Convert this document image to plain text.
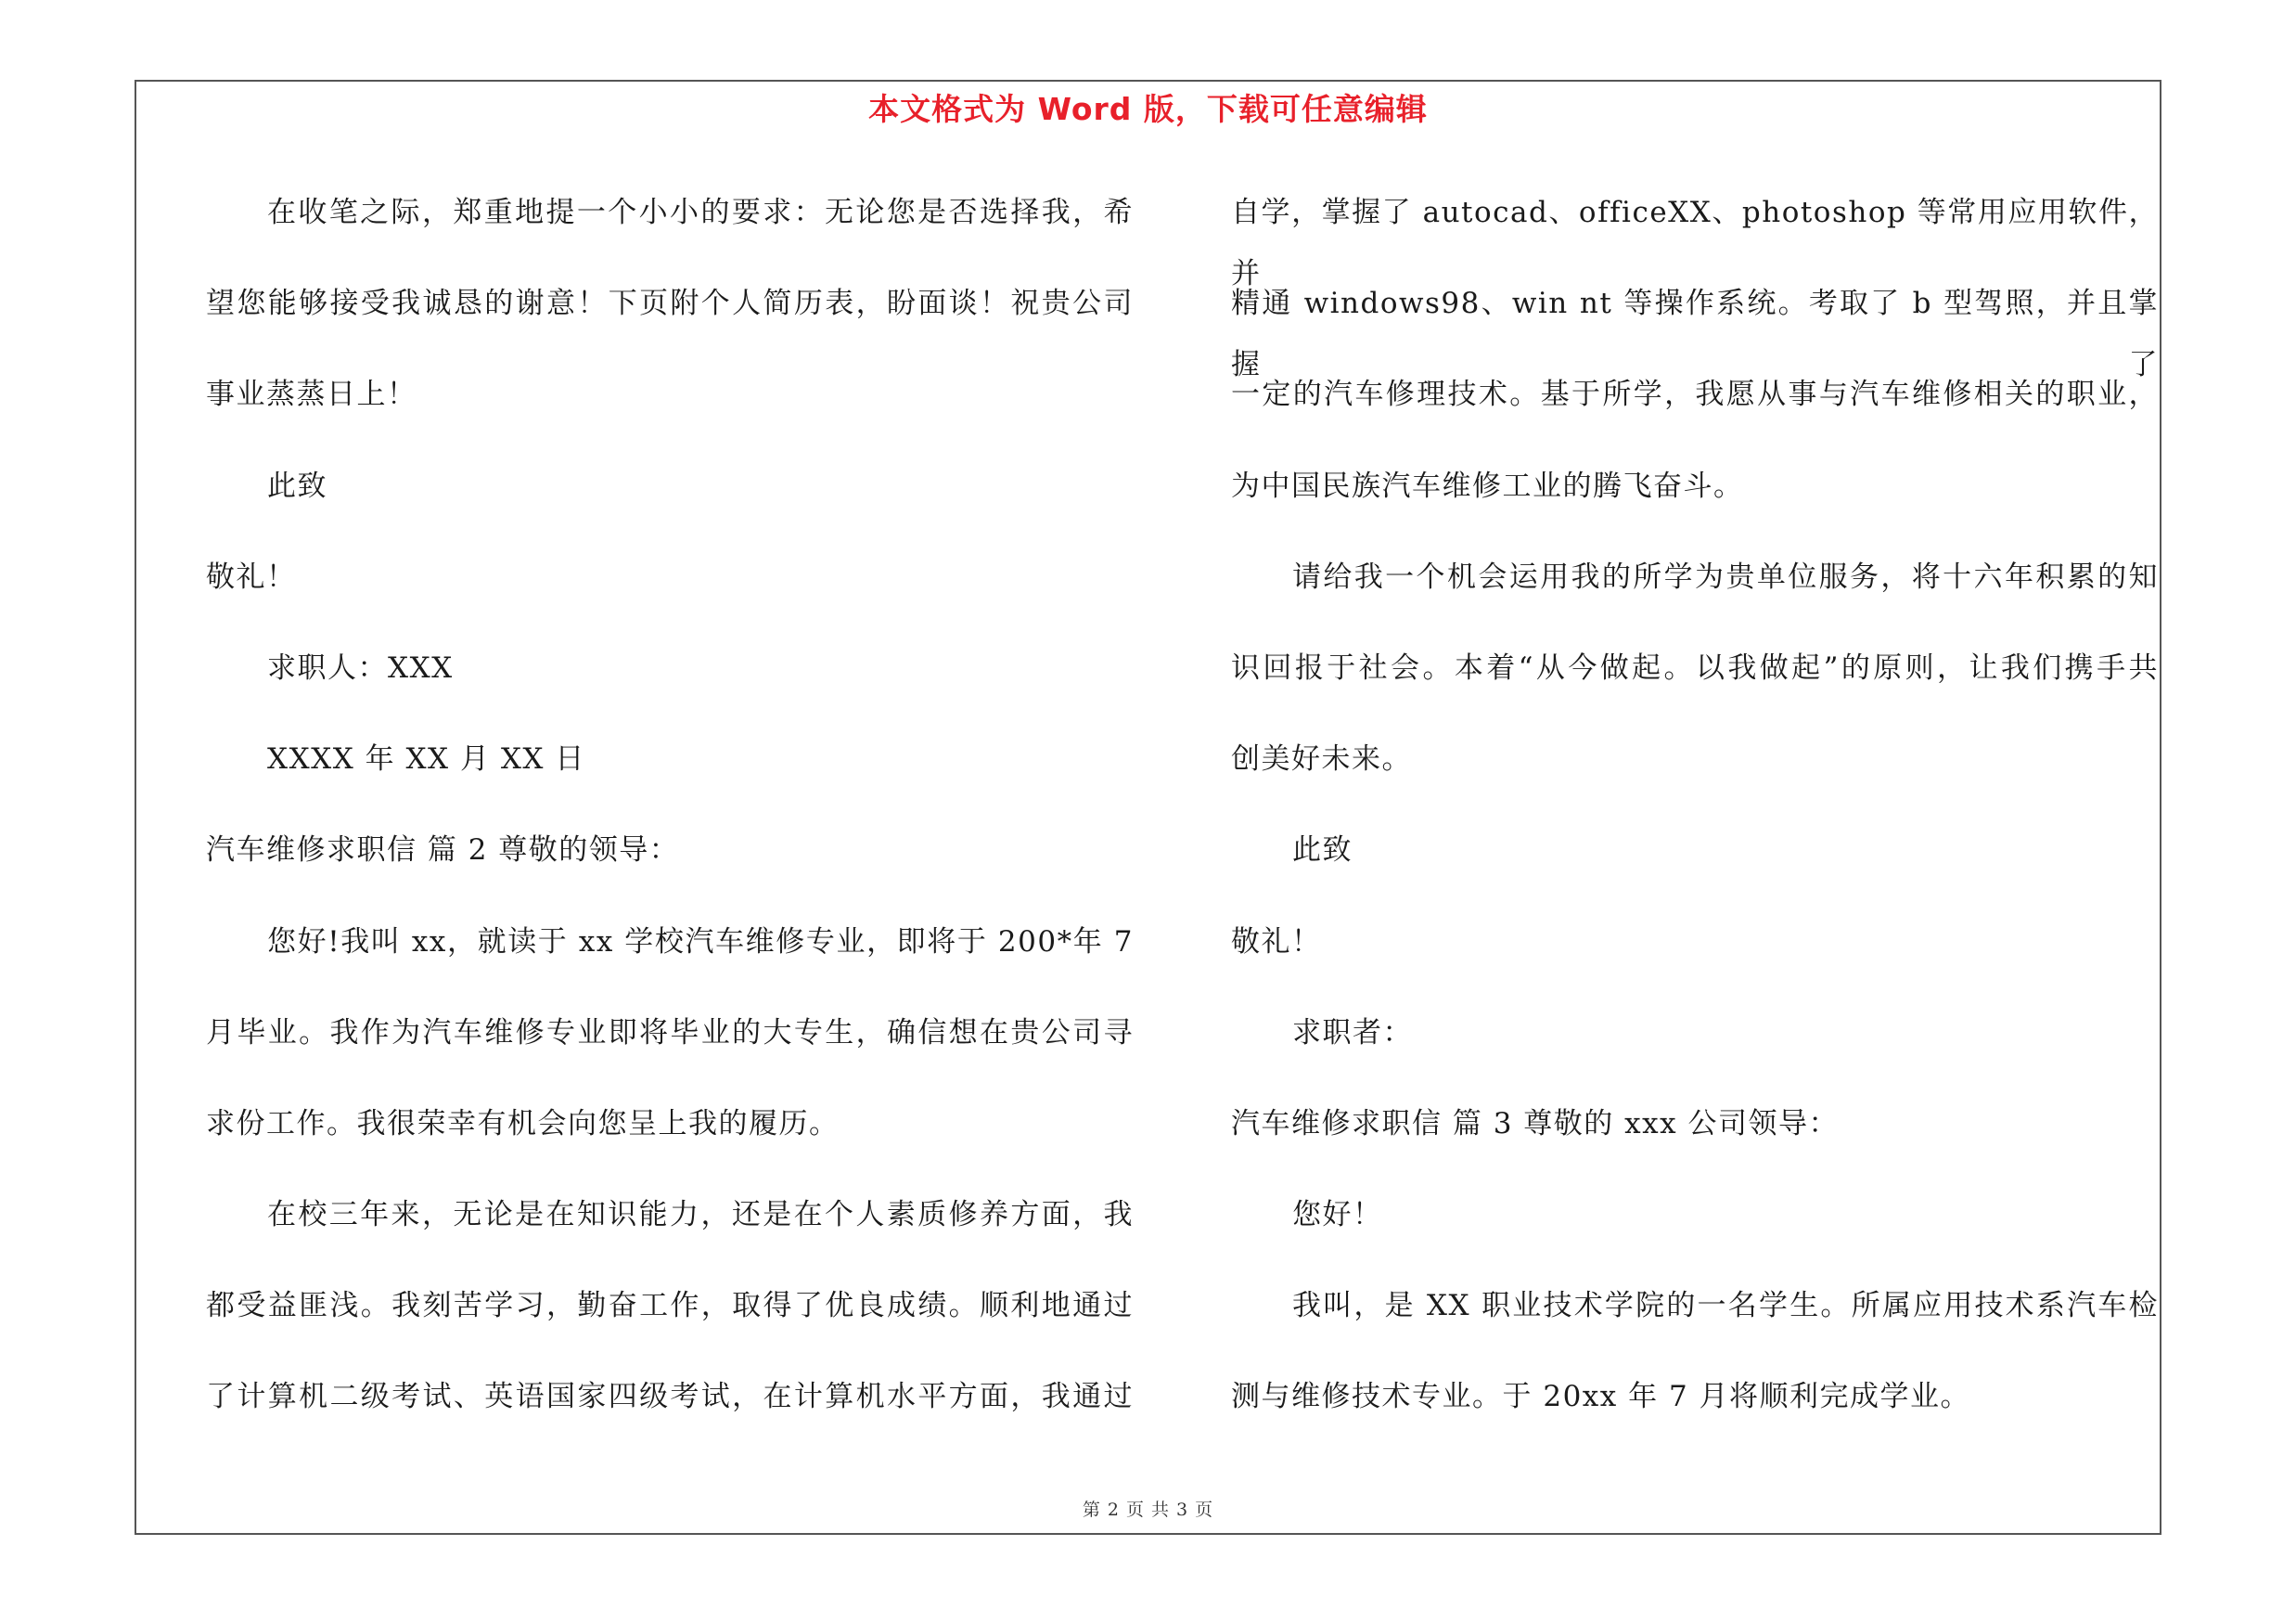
本文格式为 Word 版，下载可任意编辑
在收笔之际，郑重地提一个小小的要求：无论您是否选择我，希
望您能够接受我诚恳的谢意！下页附个人简历表，盼面谈！祝贵公司
事业蒸蒸日上！
此致
敬礼！
求职人：XXX
XXXX 年 XX 月 XX 日
汽车维修求职信 篇 2 尊敬的领导：
您好!我叫 xx，就读于 xx 学校汽车维修专业，即将于 200*年 7
月毕业。我作为汽车维修专业即将毕业的大专生，确信想在贵公司寻
求份工作。我很荣幸有机会向您呈上我的履历。
在校三年来，无论是在知识能力，还是在个人素质修养方面，我
都受益匪浅。我刻苦学习，勤奋工作，取得了优良成绩。顺利地通过
了计算机二级考试、英语国家四级考试，在计算机水平方面，我通过
自学，掌握了 autocad、officeXX、photoshop 等常用应用软件，并
精通 windows98、win nt 等操作系统。考取了 b 型驾照，并且掌握了
一定的汽车修理技术。基于所学，我愿从事与汽车维修相关的职业，
为中国民族汽车维修工业的腾飞奋斗。
请给我一个机会运用我的所学为贵单位服务，将十六年积累的知
识回报于社会。本着“从今做起。以我做起”的原则，让我们携手共
创美好未来。
此致
敬礼！
求职者：
汽车维修求职信 篇 3 尊敬的 xxx 公司领导：
您好！
我叫，是 XX 职业技术学院的一名学生。所属应用技术系汽车检
测与维修技术专业。于 20xx 年 7 月将顺利完成学业。
第 2 页 共 3 页
